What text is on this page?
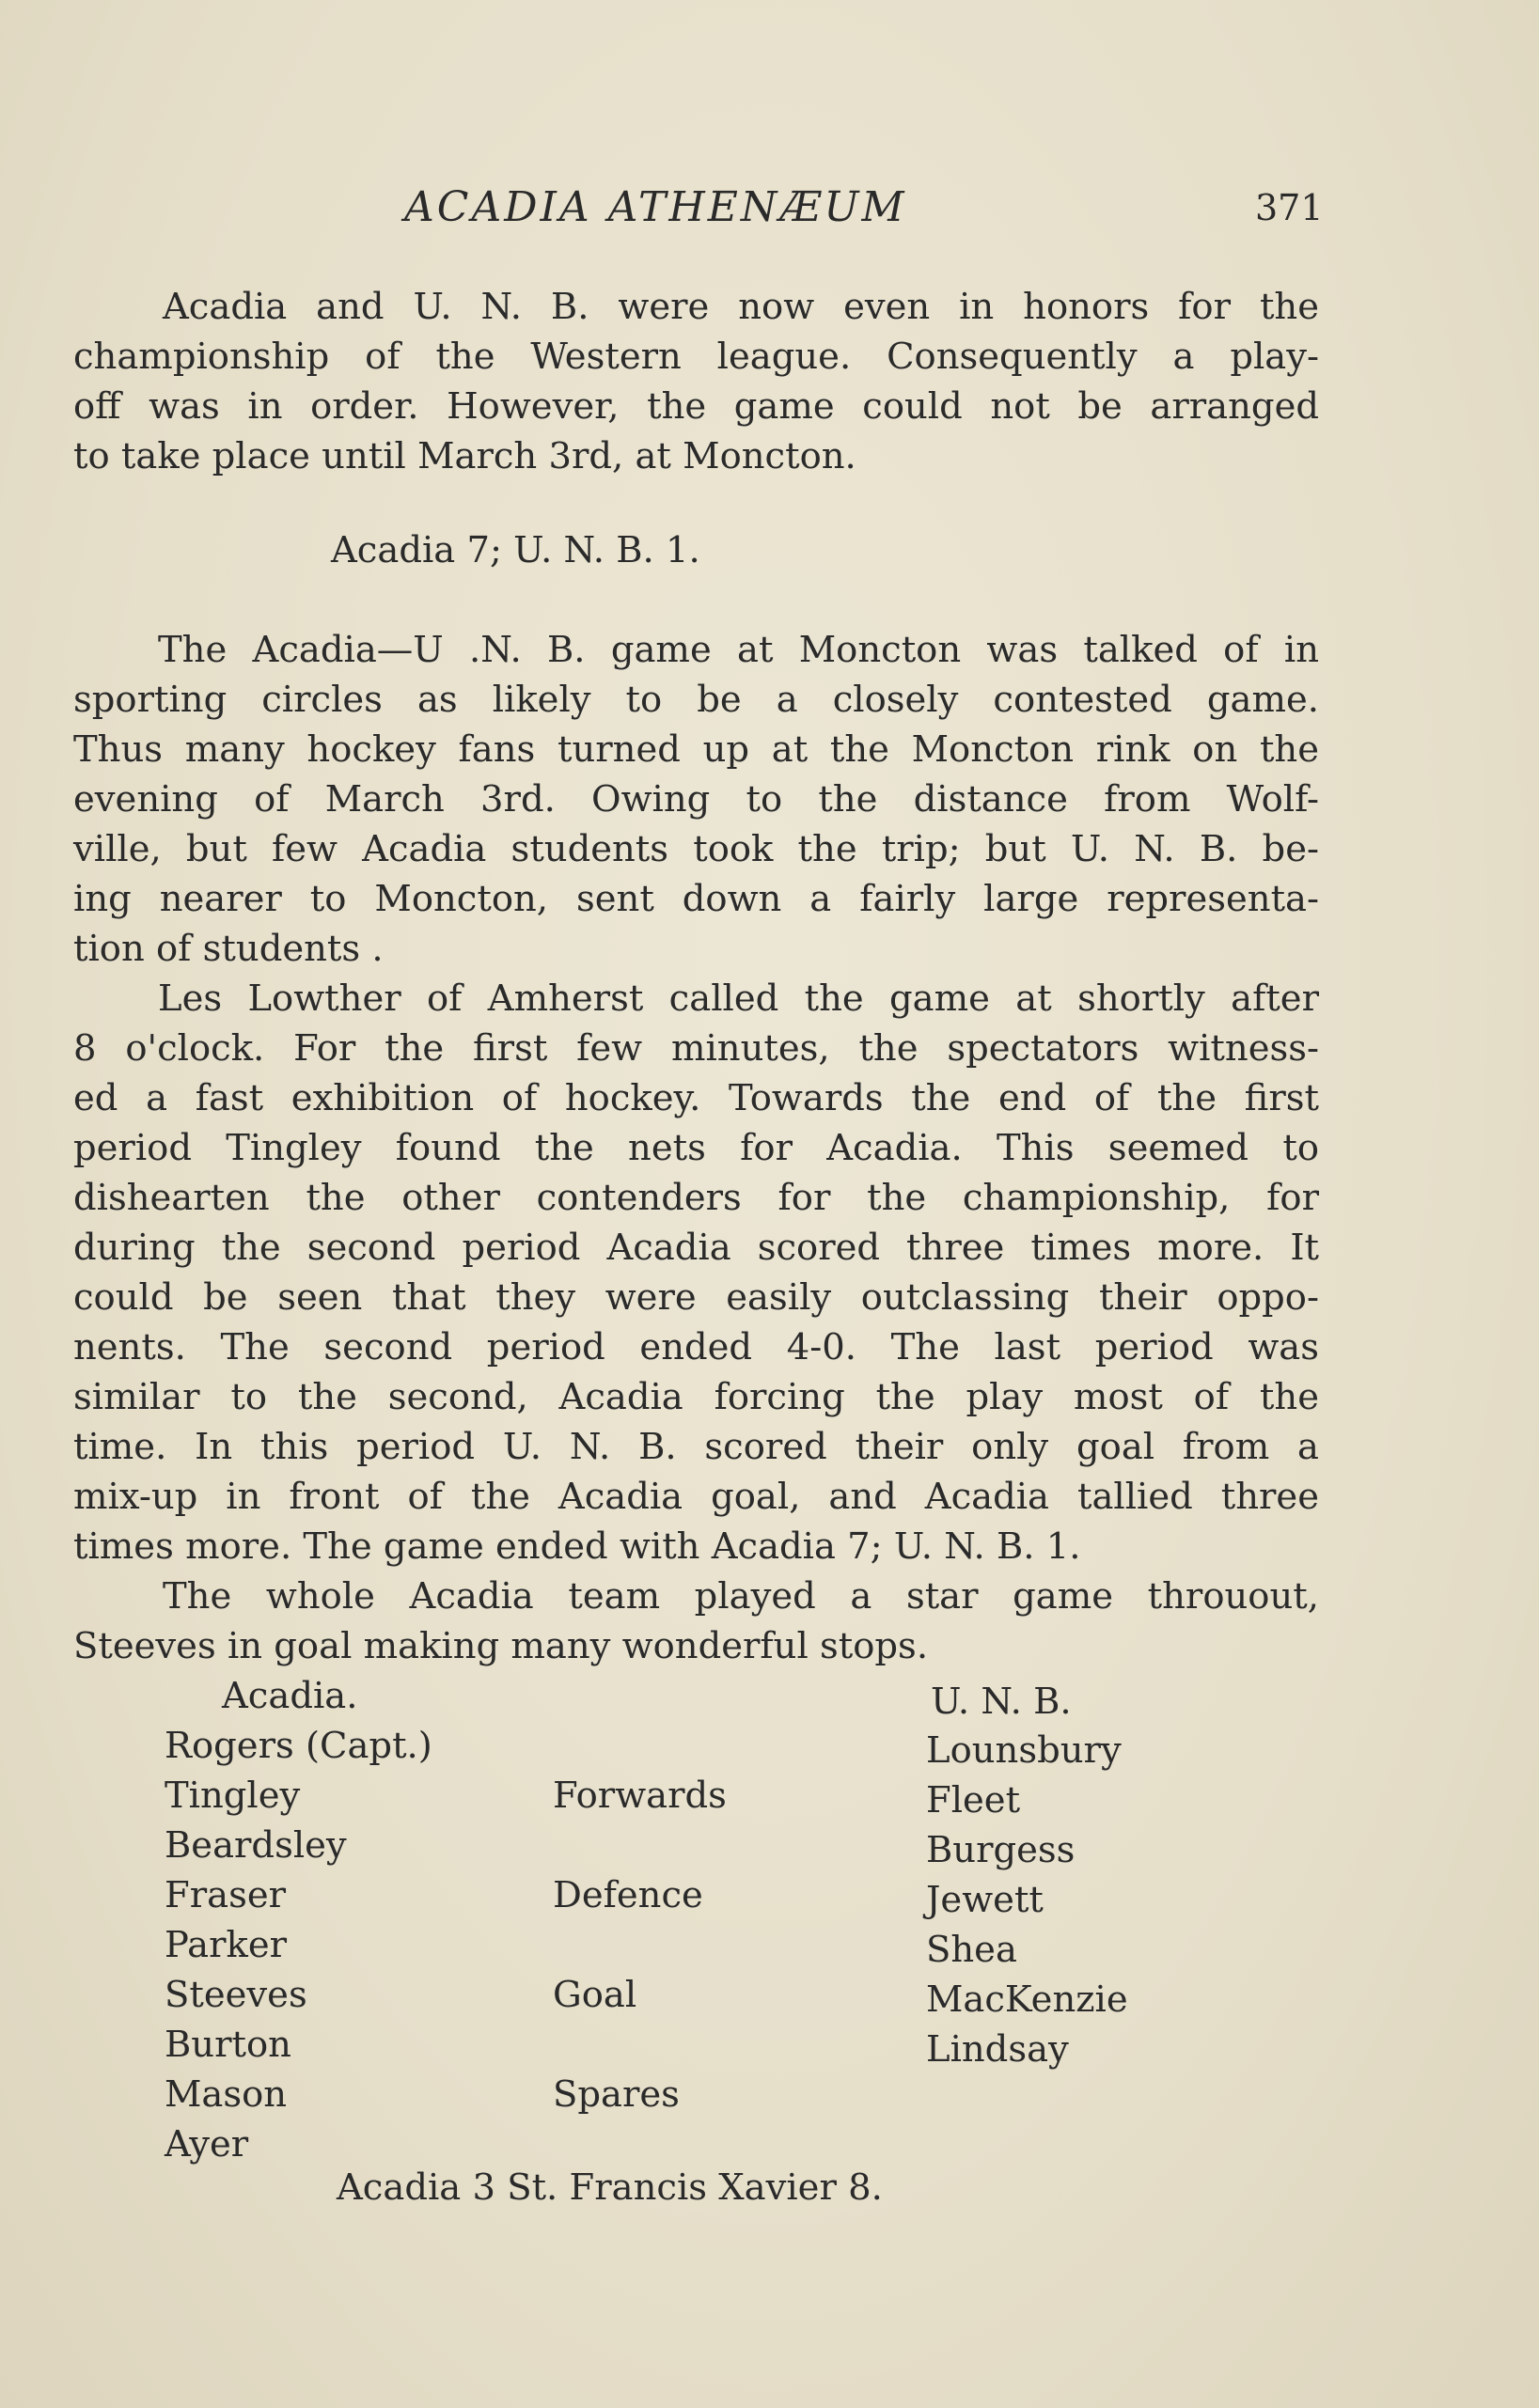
ACADIA ATHENÆUM	371
Acadia and U. N. B. were now even in honors for the
championship of the Western league. Consequently a play-
off was in order. However, the game could not be arranged
to take place until March 3rd, at Moncton.
Acadia 7; U. N. B. 1.
The Acadia—U .N. B. game at Moncton was talked of in
sporting circles as likely to be a closely contested game.
Thus many hockey fans turned up at the Moncton rink on the
evening of March 3rd. Owing to the distance from Wolf-
ville, but few Acadia students took the trip; but U. N. B. be-
ing nearer to Moncton, sent down a fairly large representa-
tion of students .
Les Lowther of Amherst called the game at shortly after
8 o'clock. For the first few minutes, the spectators witness-
ed a fast exhibition of hockey. Towards the end of the first
period Tingley found the nets for Acadia. This seemed to
dishearten the other contenders for the championship, for
during the second period Acadia scored three times more. It
could be seen that they were easily outclassing their oppo-
nents. The second period ended 4-0. The last period was
similar to the second, Acadia forcing the play most of the
time. In this period U. N. B. scored their only goal from a
mix-up in front of the Acadia goal, and Acadia tallied three
times more. The game ended with Acadia 7; U. N. B. 1.
The whole Acadia team played a star game throuout,
Steeves in goal making many wonderful stops.
Acadia.	U. N. B.
Rogers (Capt.)
Tingley
Beardsley
Fraser
Parker
Steeves
Burton
Mason
Ayer
Forwards
Defence
Goal
Spares
Lounsbury
Fleet
Burgess
Jewett
Shea
MacKenzie
Lindsay
Acadia 3 St. Francis Xavier 8.
